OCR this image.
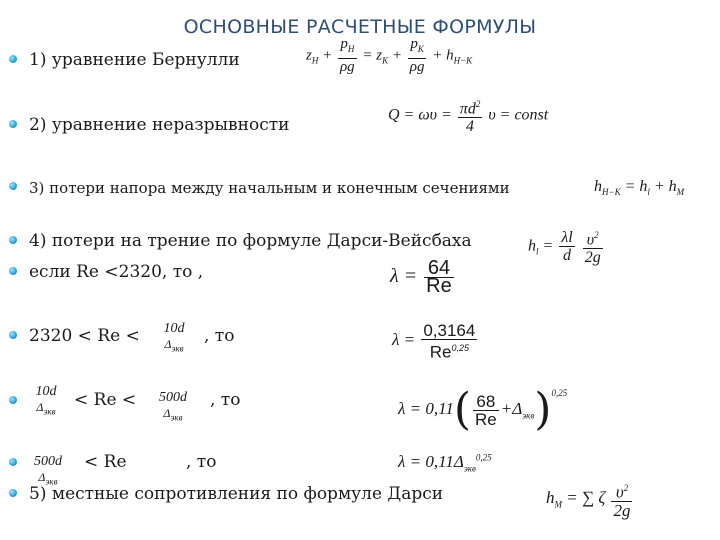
ОСНОВНЫЕ РАСЧЕТНЫЕ ФОРМУЛЫ
1) уравнение Бернулли
2) уравнение неразрывности
3) потери напора между начальным и конечным сечениями
4) потери на трение по формуле Дарси-Вейсбаха
если Re <2320, то ,
2320 < Re <	10d
$\Delta_{экв}$
, то
10d
$\Delta_{экв}$
< Re <	500d
$\Delta_{экв}$
, то
500d
$\Delta_{экв}$
< Re	, то
5) местные сопротивления по формуле Дарси
$z_Н + \frac{p_Н}{\rho g} = z_К + \frac{p_К}{\rho g} + h_{Н-К}$
$Q = \omega\upsilon = \frac{\pi d^2}{4}$ υ = const
$h_{Н-К} = h_l + h_М$
$h_l = \frac{\lambda l}{d}$
$\frac{\upsilon^2}{2g}$
$\lambda = \frac{64}{Re}$
$\lambda = \frac{0,3164}{Re^{0,25}}$
$\lambda = 0,11( \frac{68}{Re} +\Delta_{экв})^{0,25}$
$\lambda = 0,11\Delta_{экв}^{0,25}$
$h_М$ = ∑ ζ $\frac{\upsilon^2}{2g}$
